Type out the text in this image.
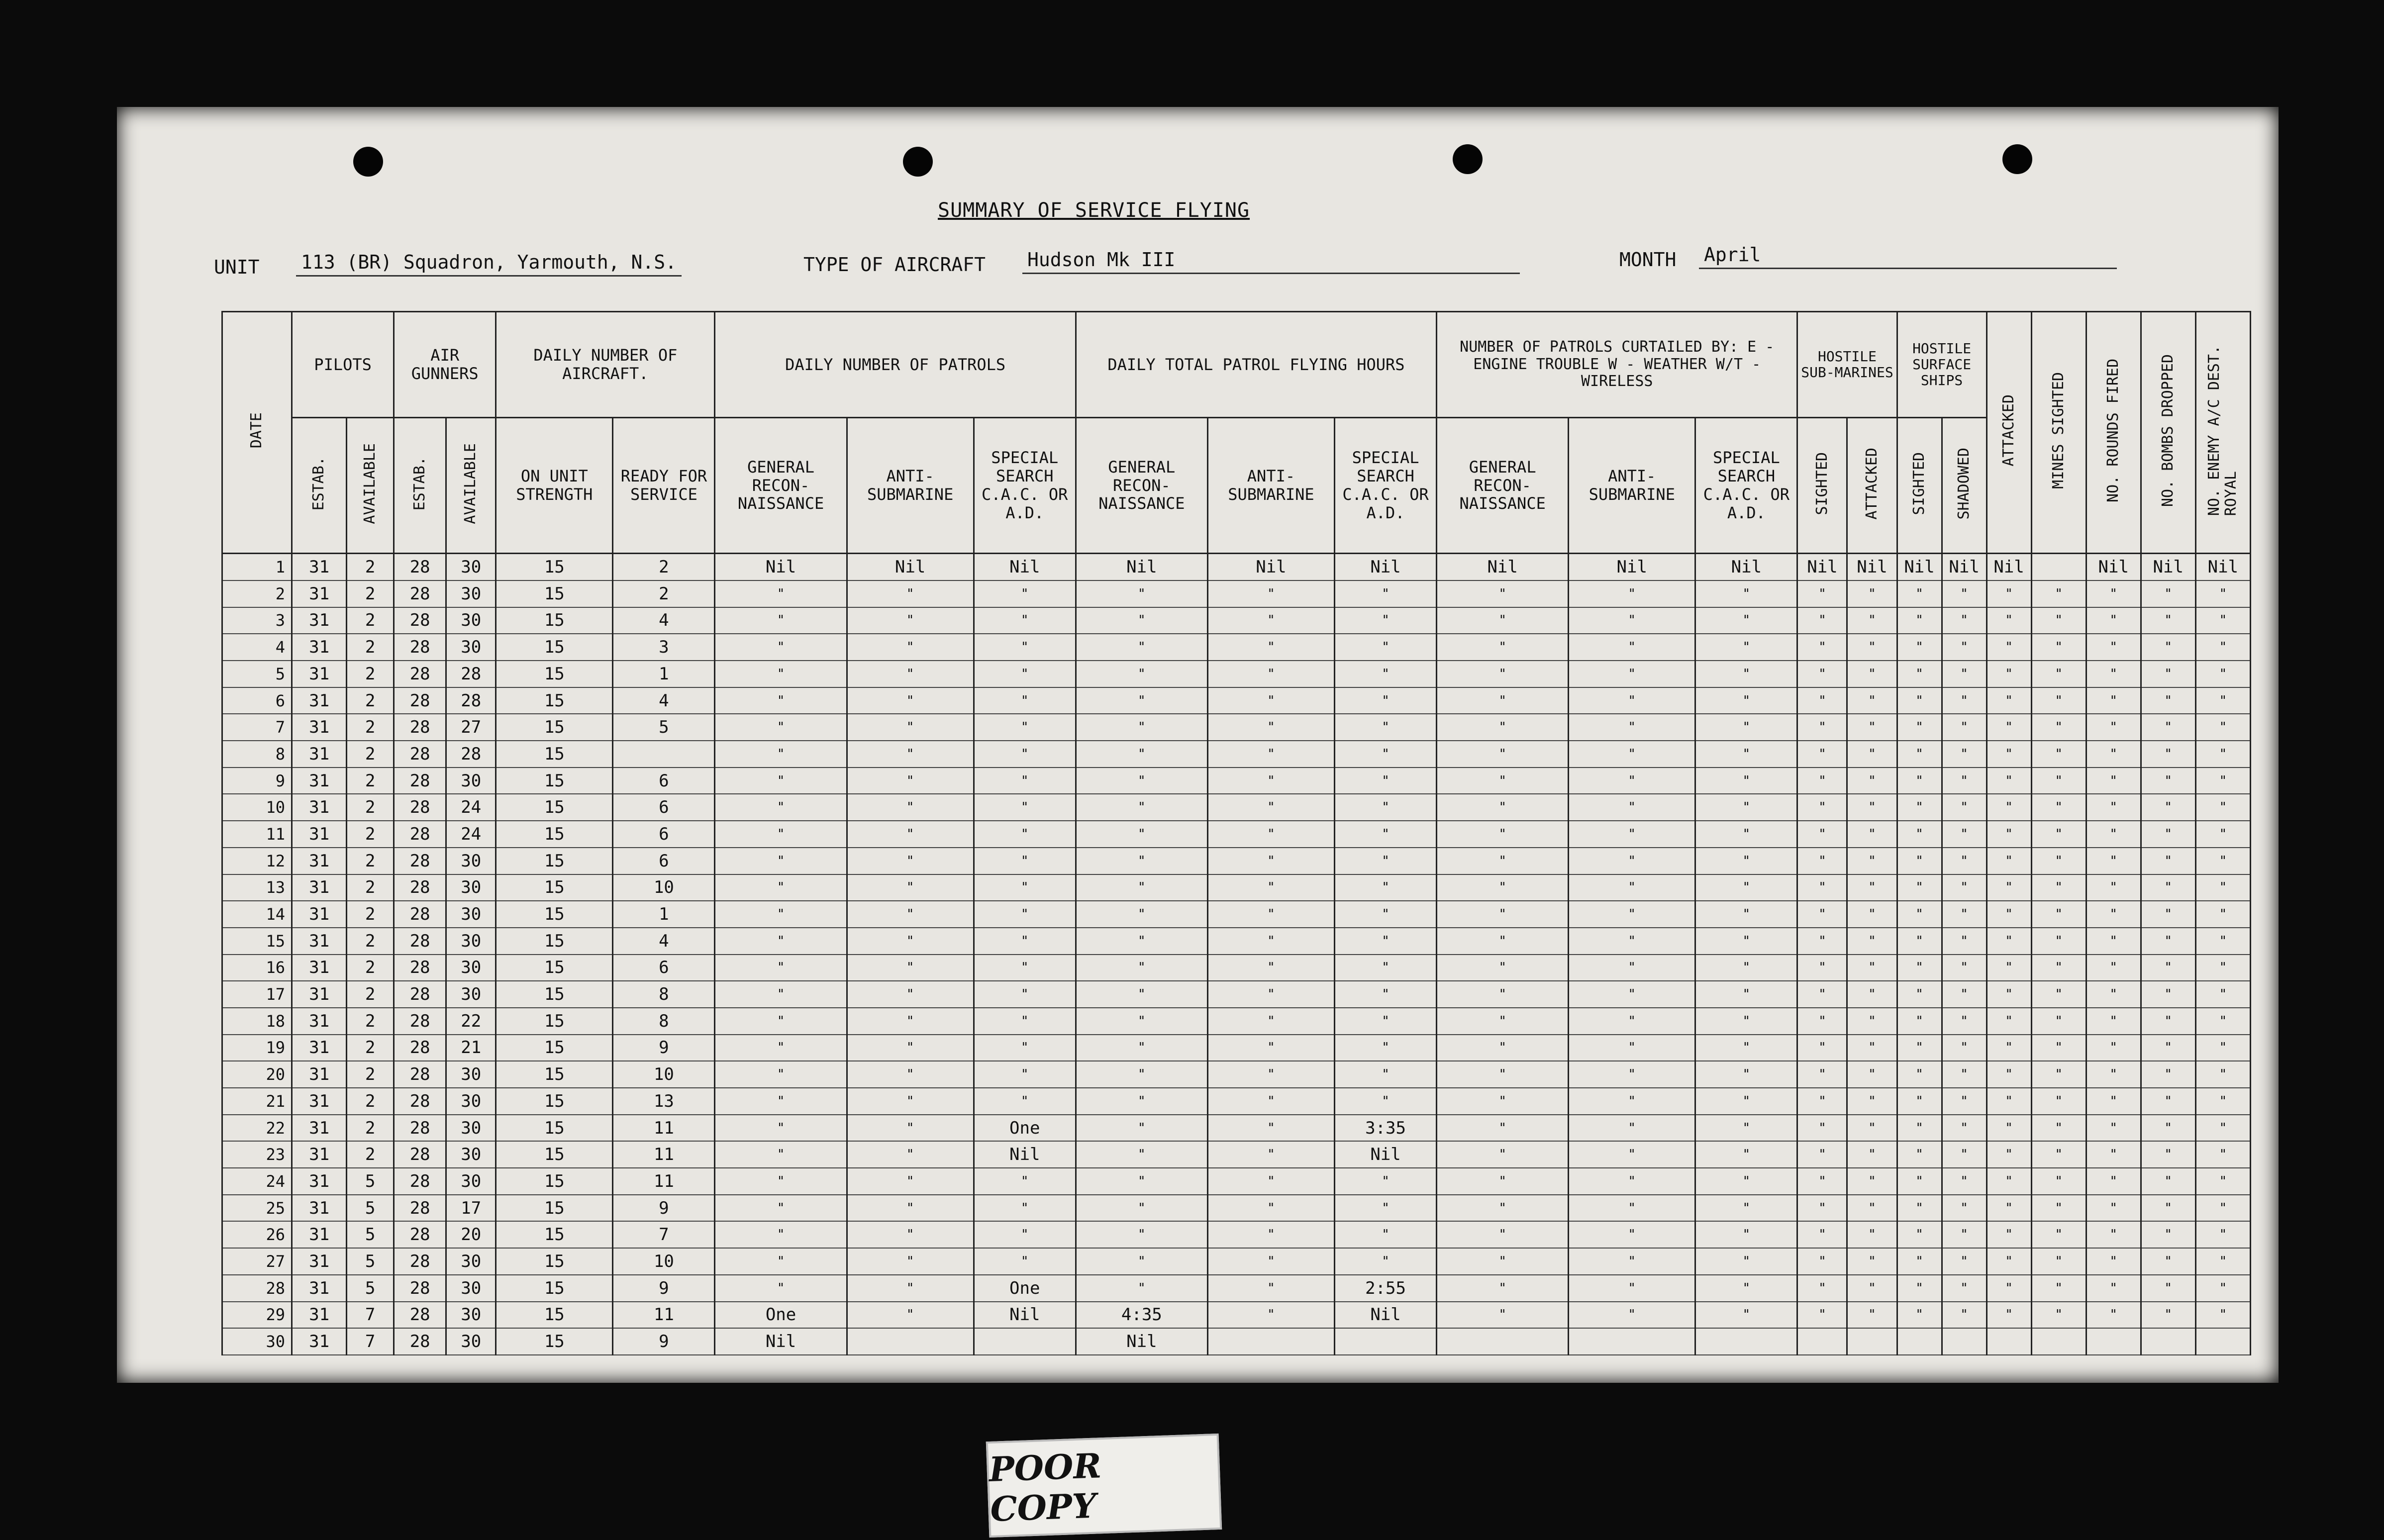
SUMMARY OF SERVICE FLYING
UNIT 113 (BR) Squadron, Yarmouth, N.S.	TYPE OF AIRCRAFT Hudson Mk III	MONTH April
DATE	PILOTS		AIR GUNNERS		DAILY NUMBER OF AIRCRAFT.		DAILY NUMBER OF PATROLS			DAILY TOTAL PATROL FLYING HOURS			NUMBER OF PATROLS CURTAILED BY: E - ENGINE TROUBLE W - WEATHER W/T - WIRELESS			HOSTILE SUB-MARINES		HOSTILE SURFACE SHIPS		ATTACKED	MINES SIGHTED	NO. ROUNDS FIRED	NO. BOMBS DROPPED	NO. ENEMY A/C DEST.ROYAL
	ESTAB.	AVAILABLE	ESTAB.	AVAILABLE	ON UNIT STRENGTH	READY FOR SERVICE	GENERAL RECON-NAISSANCE	ANTI-SUBMARINE	SPECIAL SEARCH C.A.C. OR A.D.	GENERAL RECON-NAISSANCE	ANTI-SUBMARINE	SPECIAL SEARCH C.A.C. OR A.D.	GENERAL RECON-NAISSANCE	ANTI-SUBMARINE	SPECIAL SEARCH C.A.C. OR A.D.	SIGHTED	ATTACKED	SIGHTED	SHADOWED					
1	31	2	28	30	15	2	Nil	Nil	Nil	Nil	Nil	Nil	Nil	Nil	Nil	Nil	Nil	Nil	Nil	Nil		Nil	Nil	Nil
2	31	2	28	30	15	2	"	"	"	"	"	"	"	"	"	"	"	"	"	"	"	"	"	"
3	31	2	28	30	15	4	"	"	"	"	"	"	"	"	"	"	"	"	"	"	"	"	"	"
4	31	2	28	30	15	3	"	"	"	"	"	"	"	"	"	"	"	"	"	"	"	"	"	"
5	31	2	28	28	15	1	"	"	"	"	"	"	"	"	"	"	"	"	"	"	"	"	"	"
6	31	2	28	28	15	4	"	"	"	"	"	"	"	"	"	"	"	"	"	"	"	"	"	"
7	31	2	28	27	15	5	"	"	"	"	"	"	"	"	"	"	"	"	"	"	"	"	"	"
8	31	2	28	28	15		"	"	"	"	"	"	"	"	"	"	"	"	"	"	"	"	"	"
9	31	2	28	30	15	6	"	"	"	"	"	"	"	"	"	"	"	"	"	"	"	"	"	"
10	31	2	28	24	15	6	"	"	"	"	"	"	"	"	"	"	"	"	"	"	"	"	"	"
11	31	2	28	24	15	6	"	"	"	"	"	"	"	"	"	"	"	"	"	"	"	"	"	"
12	31	2	28	30	15	6	"	"	"	"	"	"	"	"	"	"	"	"	"	"	"	"	"	"
13	31	2	28	30	15	10	"	"	"	"	"	"	"	"	"	"	"	"	"	"	"	"	"	"
14	31	2	28	30	15	1	"	"	"	"	"	"	"	"	"	"	"	"	"	"	"	"	"	"
15	31	2	28	30	15	4	"	"	"	"	"	"	"	"	"	"	"	"	"	"	"	"	"	"
16	31	2	28	30	15	6	"	"	"	"	"	"	"	"	"	"	"	"	"	"	"	"	"	"
17	31	2	28	30	15	8	"	"	"	"	"	"	"	"	"	"	"	"	"	"	"	"	"	"
18	31	2	28	22	15	8	"	"	"	"	"	"	"	"	"	"	"	"	"	"	"	"	"	"
19	31	2	28	21	15	9	"	"	"	"	"	"	"	"	"	"	"	"	"	"	"	"	"	"
20	31	2	28	30	15	10	"	"	"	"	"	"	"	"	"	"	"	"	"	"	"	"	"	"
21	31	2	28	30	15	13	"	"	"	"	"	"	"	"	"	"	"	"	"	"	"	"	"	"
22	31	2	28	30	15	11	"	"	One	"	"	3:35	"	"	"	"	"	"	"	"	"	"	"	"
23	31	2	28	30	15	11	"	"	Nil	"	"	Nil	"	"	"	"	"	"	"	"	"	"	"	"
24	31	5	28	30	15	11	"	"	"	"	"	"	"	"	"	"	"	"	"	"	"	"	"	"
25	31	5	28	17	15	9	"	"	"	"	"	"	"	"	"	"	"	"	"	"	"	"	"	"
26	31	5	28	20	15	7	"	"	"	"	"	"	"	"	"	"	"	"	"	"	"	"	"	"
27	31	5	28	30	15	10	"	"	"	"	"	"	"	"	"	"	"	"	"	"	"	"	"	"
28	31	5	28	30	15	9	"	"	One	"	"	2:55	"	"	"	"	"	"	"	"	"	"	"	"
29	31	7	28	30	15	11	One	"	Nil	4:35	"	Nil	"	"	"	"	"	"	"	"	"	"	"	"
30	31	7	28	30	15	9	Nil			Nil														
POOR COPY
